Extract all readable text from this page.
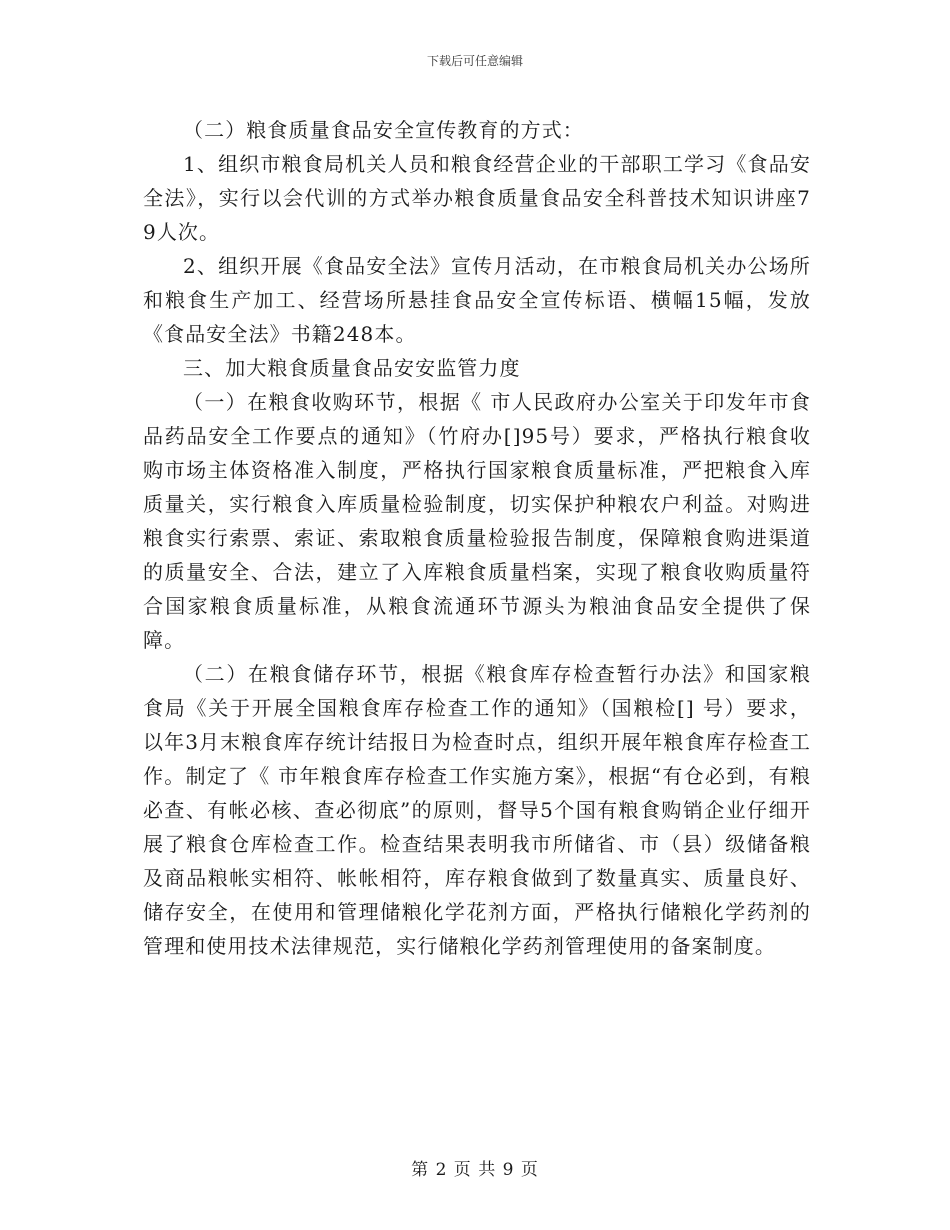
下载后可任意编辑

（二）粮食质量食品安全宣传教育的方式：

1、组织市粮食局机关人员和粮食经营企业的干部职工学习《食品安全法》，实行以会代训的方式举办粮食质量食品安全科普技术知识讲座79人次。

2、组织开展《食品安全法》宣传月活动，在市粮食局机关办公场所和粮食生产加工、经营场所悬挂食品安全宣传标语、横幅15幅，发放《食品安全法》书籍248本。

三、加大粮食质量食品安安监管力度

（一）在粮食收购环节，根据《 市人民政府办公室关于印发年市食品药品安全工作要点的通知》（竹府办[]95号）要求，严格执行粮食收购市场主体资格准入制度，严格执行国家粮食质量标准，严把粮食入库质量关，实行粮食入库质量检验制度，切实保护种粮农户利益。对购进粮食实行索票、索证、索取粮食质量检验报告制度，保障粮食购进渠道的质量安全、合法，建立了入库粮食质量档案，实现了粮食收购质量符合国家粮食质量标准，从粮食流通环节源头为粮油食品安全提供了保障。

（二）在粮食储存环节，根据《粮食库存检查暂行办法》和国家粮食局《关于开展全国粮食库存检查工作的通知》（国粮检[] 号）要求，以年3月末粮食库存统计结报日为检查时点，组织开展年粮食库存检查工作。制定了《 市年粮食库存检查工作实施方案》，根据“有仓必到，有粮必查、有帐必核、查必彻底”的原则，督导5个国有粮食购销企业仔细开展了粮食仓库检查工作。检查结果表明我市所储省、市（县）级储备粮及商品粮帐实相符、帐帐相符，库存粮食做到了数量真实、质量良好、储存安全，在使用和管理储粮化学花剂方面，严格执行储粮化学药剂的管理和使用技术法律规范，实行储粮化学药剂管理使用的备案制度。

第 2 页 共 9 页
